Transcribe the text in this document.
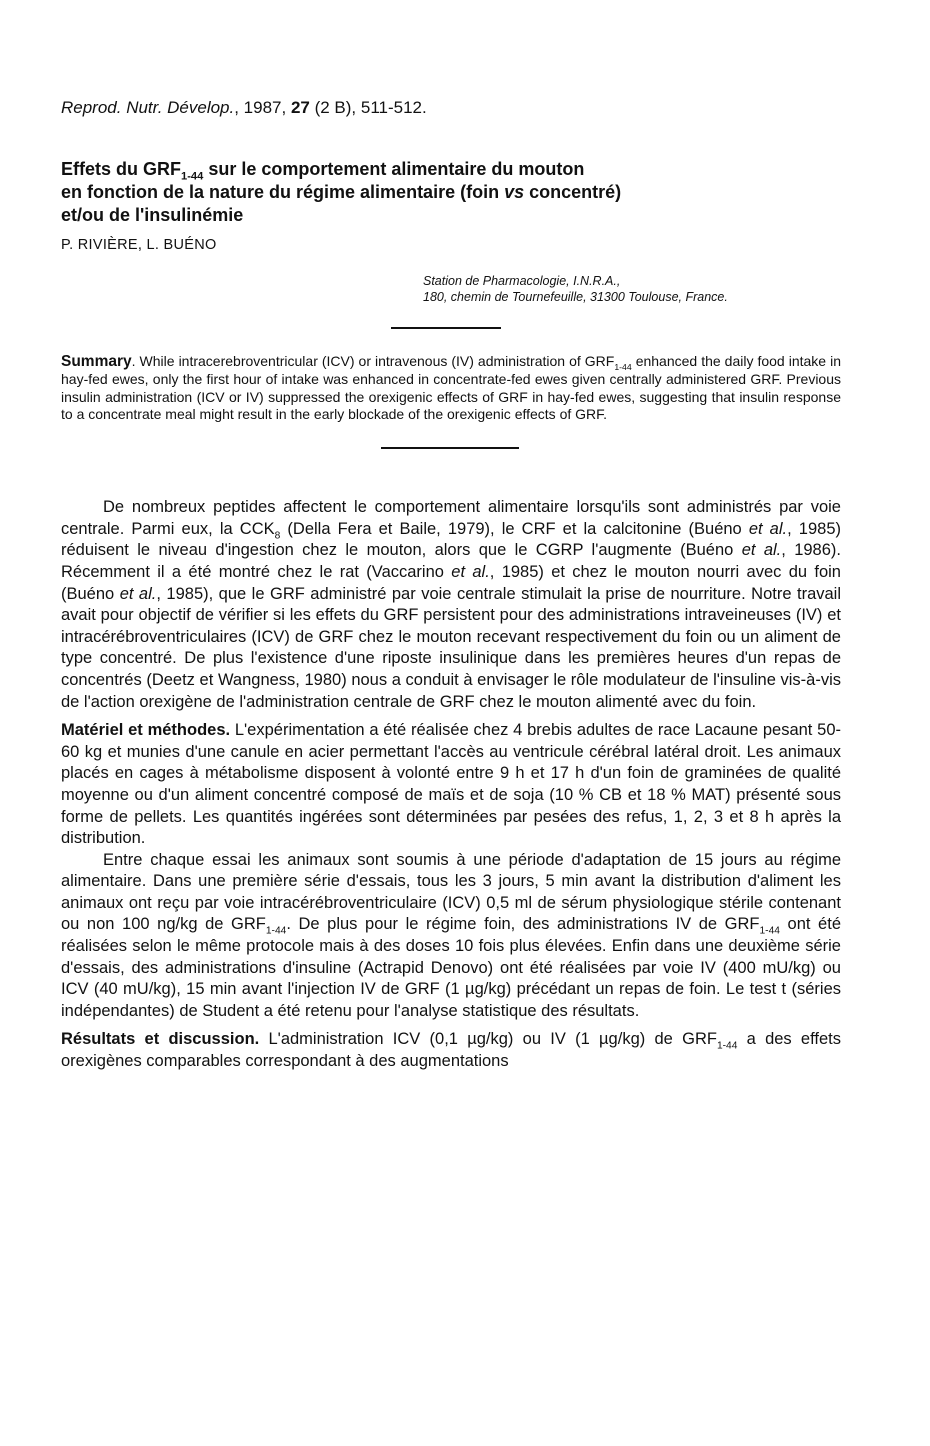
Reprod. Nutr. Dévelop., 1987, 27 (2 B), 511-512.

Effets du $GRF_{1-44}$ sur le comportement alimentaire du mouton
en fonction de la nature du régime alimentaire (foin vs concentré)
et/ou de l'insulinémie

P. RIVIÈRE, L. BUÉNO

Station de Pharmacologie, I.N.R.A.,
180, chemin de Tournefeuille, 31300 Toulouse, France.

Summary. While intracerebroventricular (ICV) or intravenous (IV) administration of $GRF_{1-44}$ enhanced the daily food intake in hay-fed ewes, only the first hour of intake was enhanced in concentrate-fed ewes given centrally administered GRF. Previous insulin administration (ICV or IV) suppressed the orexigenic effects of GRF in hay-fed ewes, suggesting that insulin response to a concentrate meal might result in the early blockade of the orexigenic effects of GRF.

De nombreux peptides affectent le comportement alimentaire lorsqu'ils sont administrés par voie centrale. Parmi eux, la $CCK_8$ (Della Fera et Baile, 1979), le CRF et la calcitonine (Buéno et al., 1985) réduisent le niveau d'ingestion chez le mouton, alors que le CGRP l'augmente (Buéno et al., 1986). Récemment il a été montré chez le rat (Vaccarino et al., 1985) et chez le mouton nourri avec du foin (Buéno et al., 1985), que le GRF administré par voie centrale stimulait la prise de nourriture. Notre travail avait pour objectif de vérifier si les effets du GRF persistent pour des administrations intraveineuses (IV) et intracérébroventriculaires (ICV) de GRF chez le mouton recevant respectivement du foin ou un aliment de type concentré. De plus l'existence d'une riposte insulinique dans les premières heures d'un repas de concentrés (Deetz et Wangness, 1980) nous a conduit à envisager le rôle modulateur de l'insuline vis-à-vis de l'action orexigène de l'administration centrale de GRF chez le mouton alimenté avec du foin.

Matériel et méthodes. L'expérimentation a été réalisée chez 4 brebis adultes de race Lacaune pesant 50-60 kg et munies d'une canule en acier permettant l'accès au ventricule cérébral latéral droit. Les animaux placés en cages à métabolisme disposent à volonté entre 9 h et 17 h d'un foin de graminées de qualité moyenne ou d'un aliment concentré composé de maïs et de soja (10 % CB et 18 % MAT) présenté sous forme de pellets. Les quantités ingérées sont déterminées par pesées des refus, 1, 2, 3 et 8 h après la distribution.

Entre chaque essai les animaux sont soumis à une période d'adaptation de 15 jours au régime alimentaire. Dans une première série d'essais, tous les 3 jours, 5 min avant la distribution d'aliment les animaux ont reçu par voie intracérébroventriculaire (ICV) 0,5 ml de sérum physiologique stérile contenant ou non 100 ng/kg de $GRF_{1-44}$. De plus pour le régime foin, des administrations IV de $GRF_{1-44}$ ont été réalisées selon le même protocole mais à des doses 10 fois plus élevées. Enfin dans une deuxième série d'essais, des administrations d'insuline (Actrapid Denovo) ont été réalisées par voie IV (400 mU/kg) ou ICV (40 mU/kg), 15 min avant l'injection IV de GRF (1 µg/kg) précédant un repas de foin. Le test t (séries indépendantes) de Student a été retenu pour l'analyse statistique des résultats.

Résultats et discussion. L'administration ICV (0,1 µg/kg) ou IV (1 µg/kg) de $GRF_{1-44}$ a des effets orexigènes comparables correspondant à des augmentations
